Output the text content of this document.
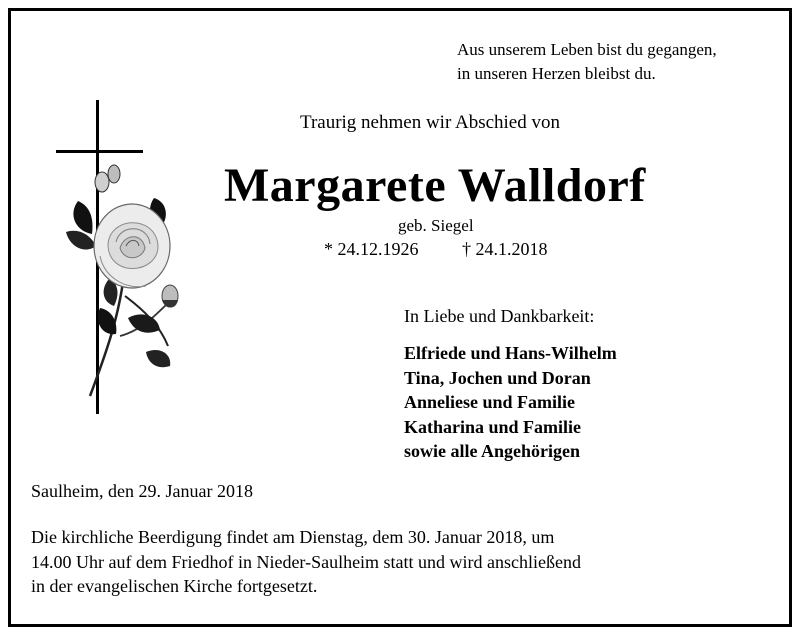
Aus unserem Leben bist du gegangen,
in unseren Herzen bleibst du.
Traurig nehmen wir Abschied von
Margarete Walldorf
geb. Siegel
* 24.12.1926 † 24.1.2018
In Liebe und Dankbarkeit:
Elfriede und Hans-Wilhelm
Tina, Jochen und Doran
Anneliese und Familie
Katharina und Familie
sowie alle Angehörigen
Saulheim, den 29. Januar 2018
Die kirchliche Beerdigung findet am Dienstag, dem 30. Januar 2018, um
14.00 Uhr auf dem Friedhof in Nieder-Saulheim statt und wird anschließend
in der evangelischen Kirche fortgesetzt.
